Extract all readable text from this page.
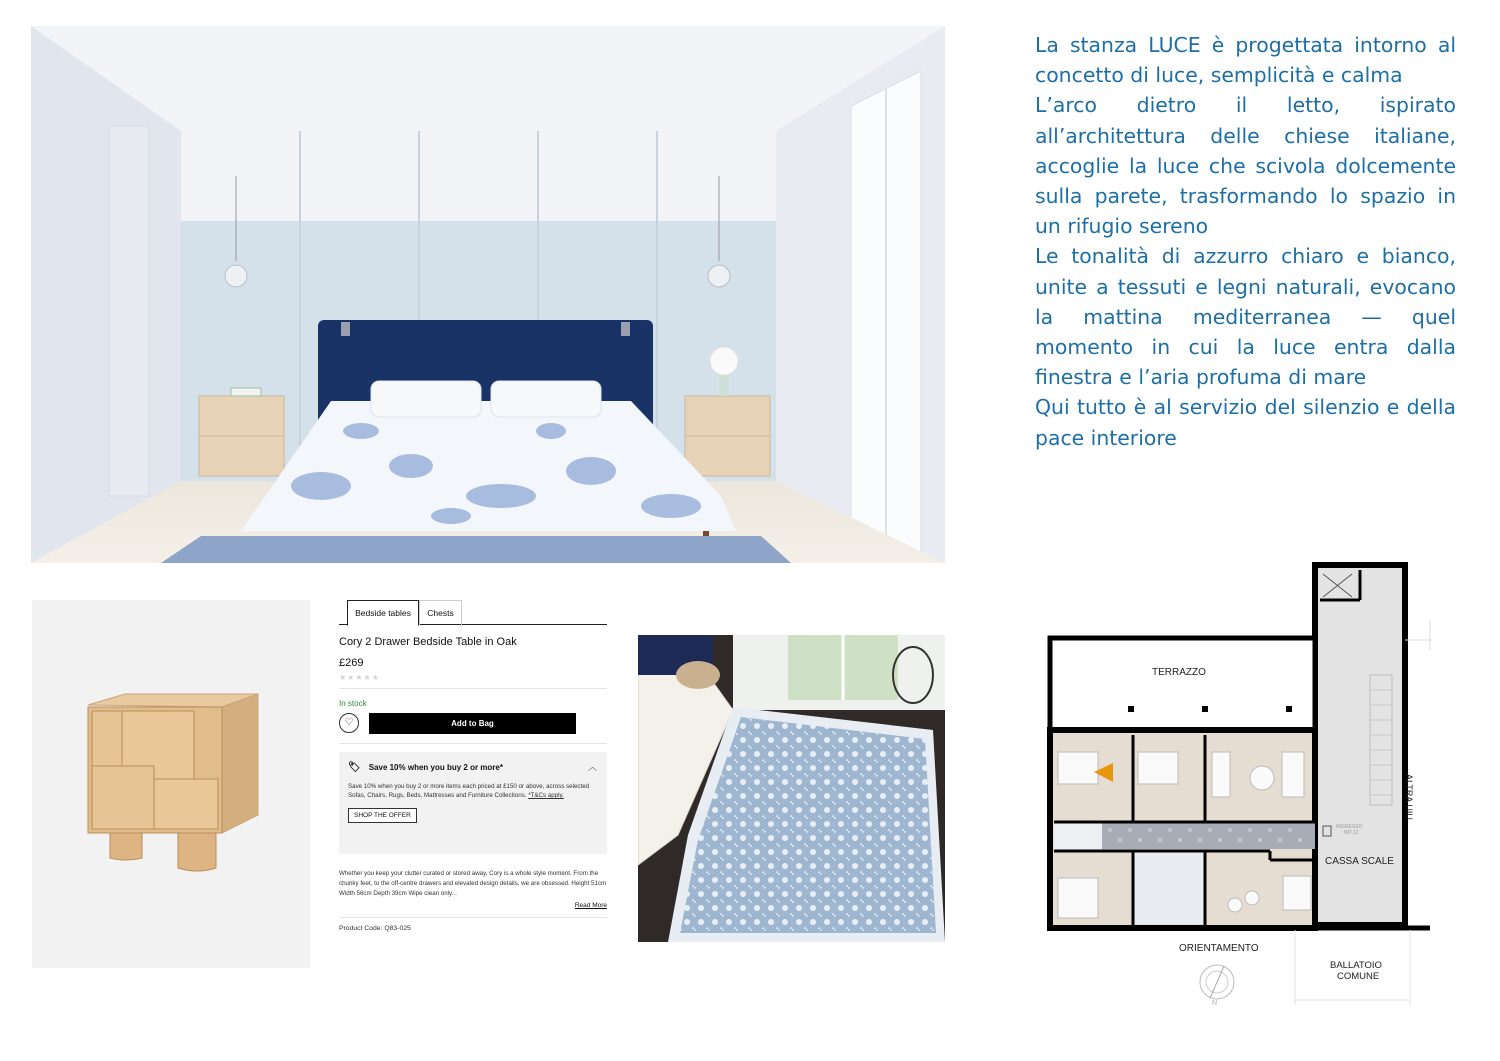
La stanza LUCE è progettata intorno al concetto di luce, semplicità e calma

L’arco dietro il letto, ispirato all’architettura delle chiese italiane, accoglie la luce che scivola dolcemente sulla parete, trasformando lo spazio in un rifugio sereno

Le tonalità di azzurro chiaro e bianco, unite a tessuti e legni naturali, evocano la mattina mediterranea — quel momento in cui la luce entra dalla finestra e l’aria profuma di mare

Qui tutto è al servizio del silenzio e della pace interiore

Bedside tables	Chests
Cory 2 Drawer Bedside Table in Oak
£269
★★★★★
In stock
♡	Add to Bag
🏷 Save 10% when you buy 2 or more*	︿
Save 10% when you buy 2 or more items each priced at £150 or above, across selected Sofas, Chairs, Rugs, Beds, Mattresses and Furniture Collections. *T&Cs apply.
SHOP THE OFFER
Whether you keep your clutter curated or stored away, Cory is a whole style moment. From the chunky feet, to the off-centre drawers and elevated design details, we are obsessed. Height 51cm Width 56cm Depth 39cm Wipe clean only...
Read More
Product Code: Q83-025
TERRAZZO
ALTRA UIU
CASSA SCALE
INGRESSO
INT.12
ORIENTAMENTO
BALLATOIO
COMUNE
N
